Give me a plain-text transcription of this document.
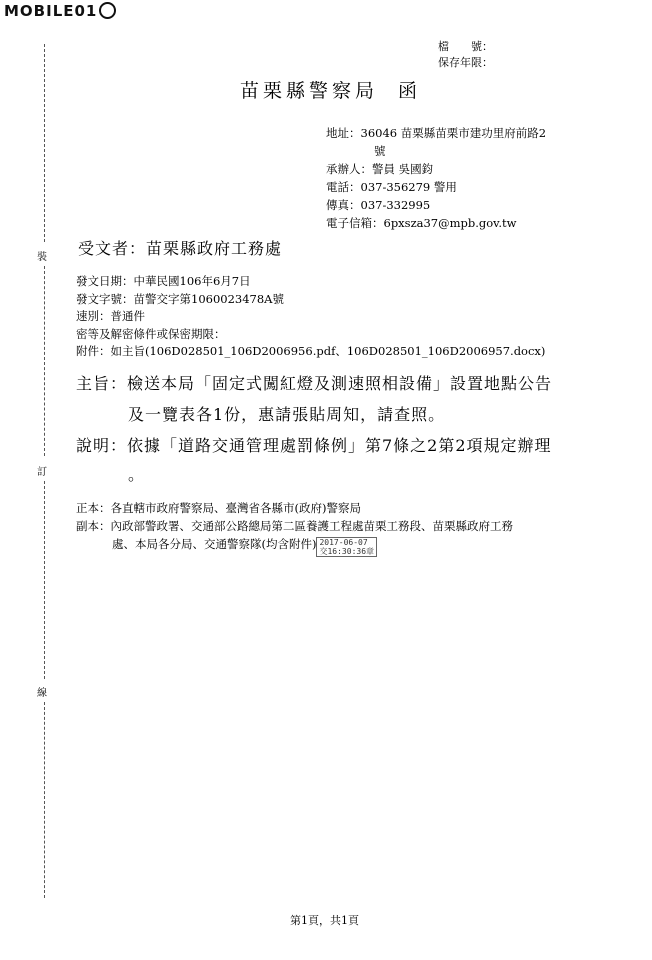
MOBILE01
檔　　號：
保存年限：
苗栗縣警察局 函
地址：36046 苗栗縣苗栗市建功里府前路2
號
承辦人：警員 吳國鈞
電話：037-356279 警用
傳真：037-332995
電子信箱：6pxsza37@mpb.gov.tw
受文者：苗栗縣政府工務處
發文日期：中華民國106年6月7日
發文字號：苗警交字第1060023478A號
速別：普通件
密等及解密條件或保密期限：
附件：如主旨(106D028501_106D2006956.pdf、106D028501_106D2006957.docx)
主旨：檢送本局「固定式闖紅燈及測速照相設備」設置地點公告
及一覽表各1份，惠請張貼周知，請查照。
說明：依據「道路交通管理處罰條例」第7條之2第2項規定辦理
。
正本：各直轄市政府警察局、臺灣省各縣市(政府)警察局
副本：內政部警政署、交通部公路總局第二區養護工程處苗栗工務段、苗栗縣政府工務
處、本局各分局、交通警察隊(均含附件) 2017-06-07
交16:30:36章
裝
訂
線
第1頁，共1頁
